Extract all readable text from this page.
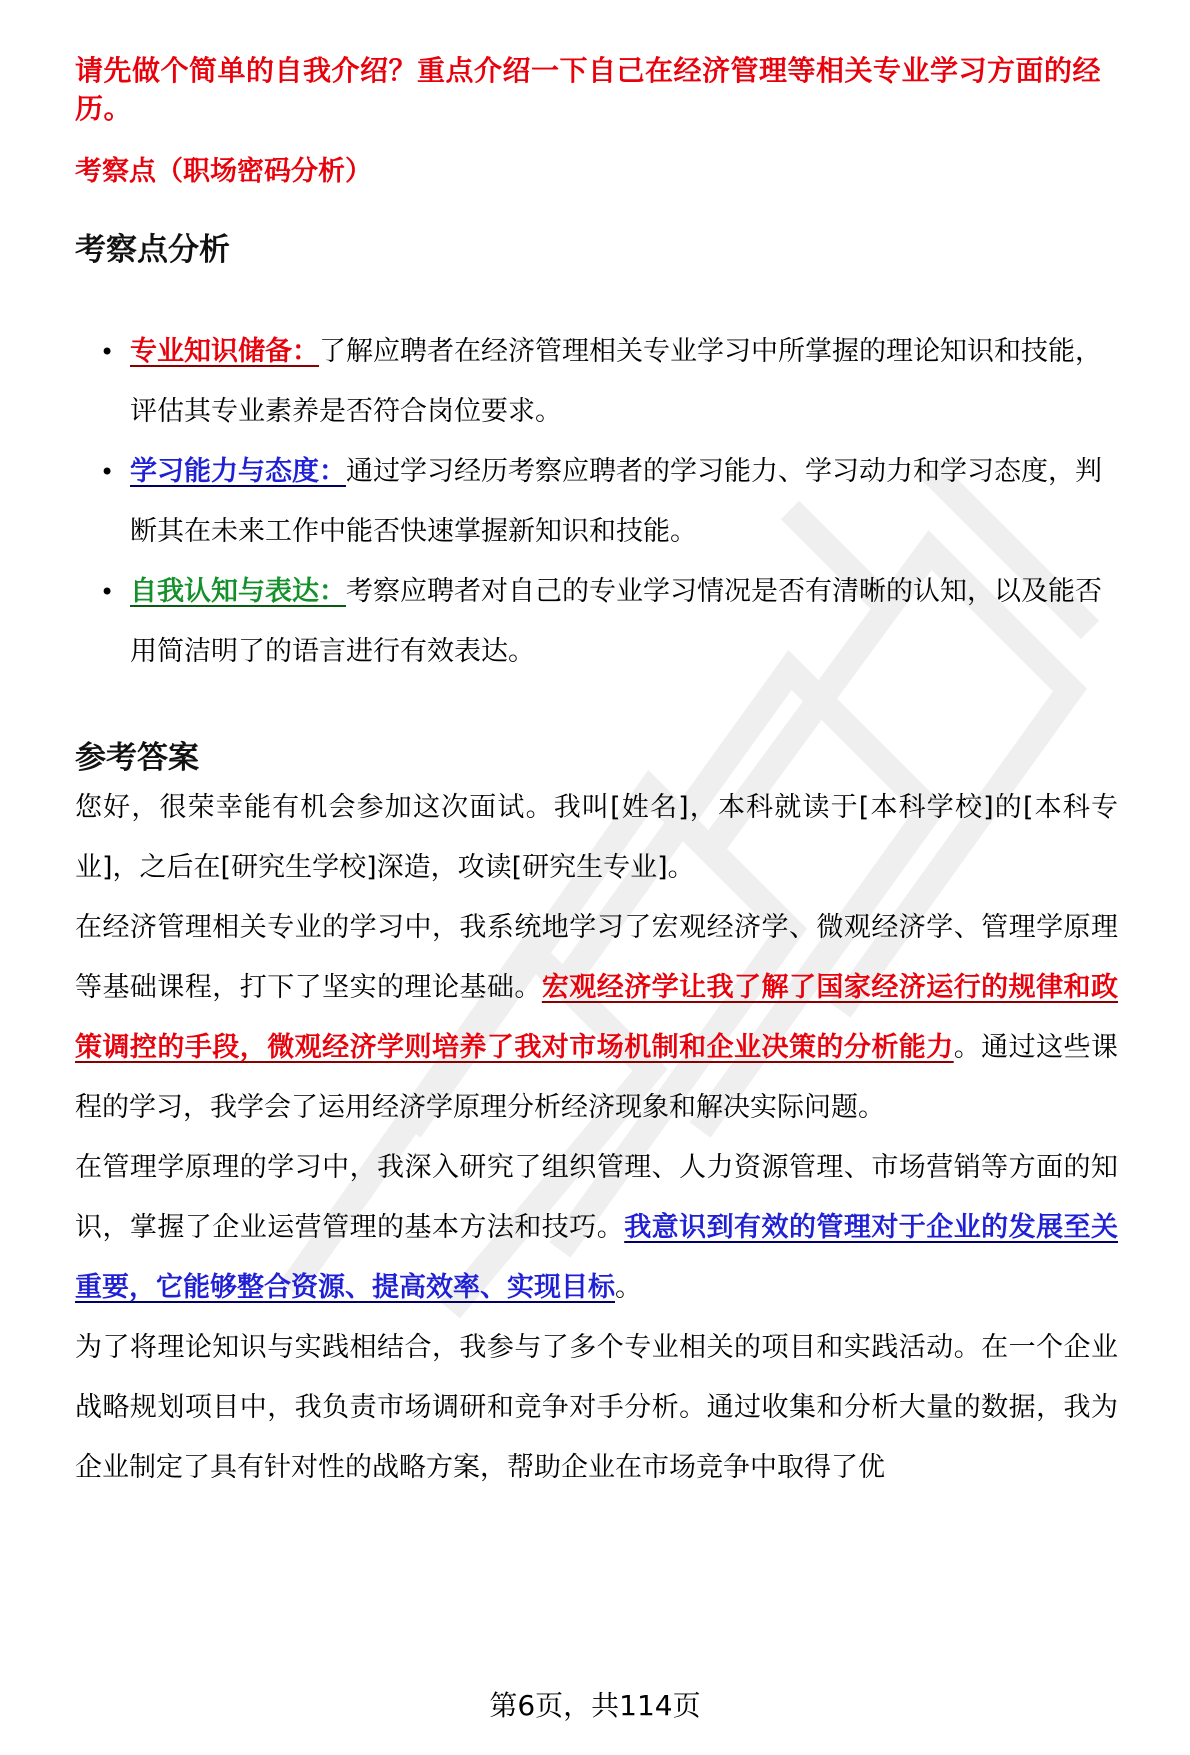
请先做个简单的自我介绍？重点介绍一下自己在经济管理等相关专业学习方面的经历。
考察点（职场密码分析）
考察点分析
• 专业知识储备：了解应聘者在经济管理相关专业学习中所掌握的理论知识和技能，评估其专业素养是否符合岗位要求。
• 学习能力与态度：通过学习经历考察应聘者的学习能力、学习动力和学习态度，判断其在未来工作中能否快速掌握新知识和技能。
• 自我认知与表达：考察应聘者对自己的专业学习情况是否有清晰的认知，以及能否用简洁明了的语言进行有效表达。
参考答案

您好，很荣幸能有机会参加这次面试。我叫[姓名]，本科就读于[本科学校]的[本科专业]，之后在[研究生学校]深造，攻读[研究生专业]。

在经济管理相关专业的学习中，我系统地学习了宏观经济学、微观经济学、管理学原理等基础课程，打下了坚实的理论基础。宏观经济学让我了解了国家经济运行的规律和政策调控的手段，微观经济学则培养了我对市场机制和企业决策的分析能力。通过这些课程的学习，我学会了运用经济学原理分析经济现象和解决实际问题。

在管理学原理的学习中，我深入研究了组织管理、人力资源管理、市场营销等方面的知识，掌握了企业运营管理的基本方法和技巧。我意识到有效的管理对于企业的发展至关重要，它能够整合资源、提高效率、实现目标。

为了将理论知识与实践相结合，我参与了多个专业相关的项目和实践活动。在一个企业战略规划项目中，我负责市场调研和竞争对手分析。通过收集和分析大量的数据，我为企业制定了具有针对性的战略方案，帮助企业在市场竞争中取得了优

第6页，共114页
